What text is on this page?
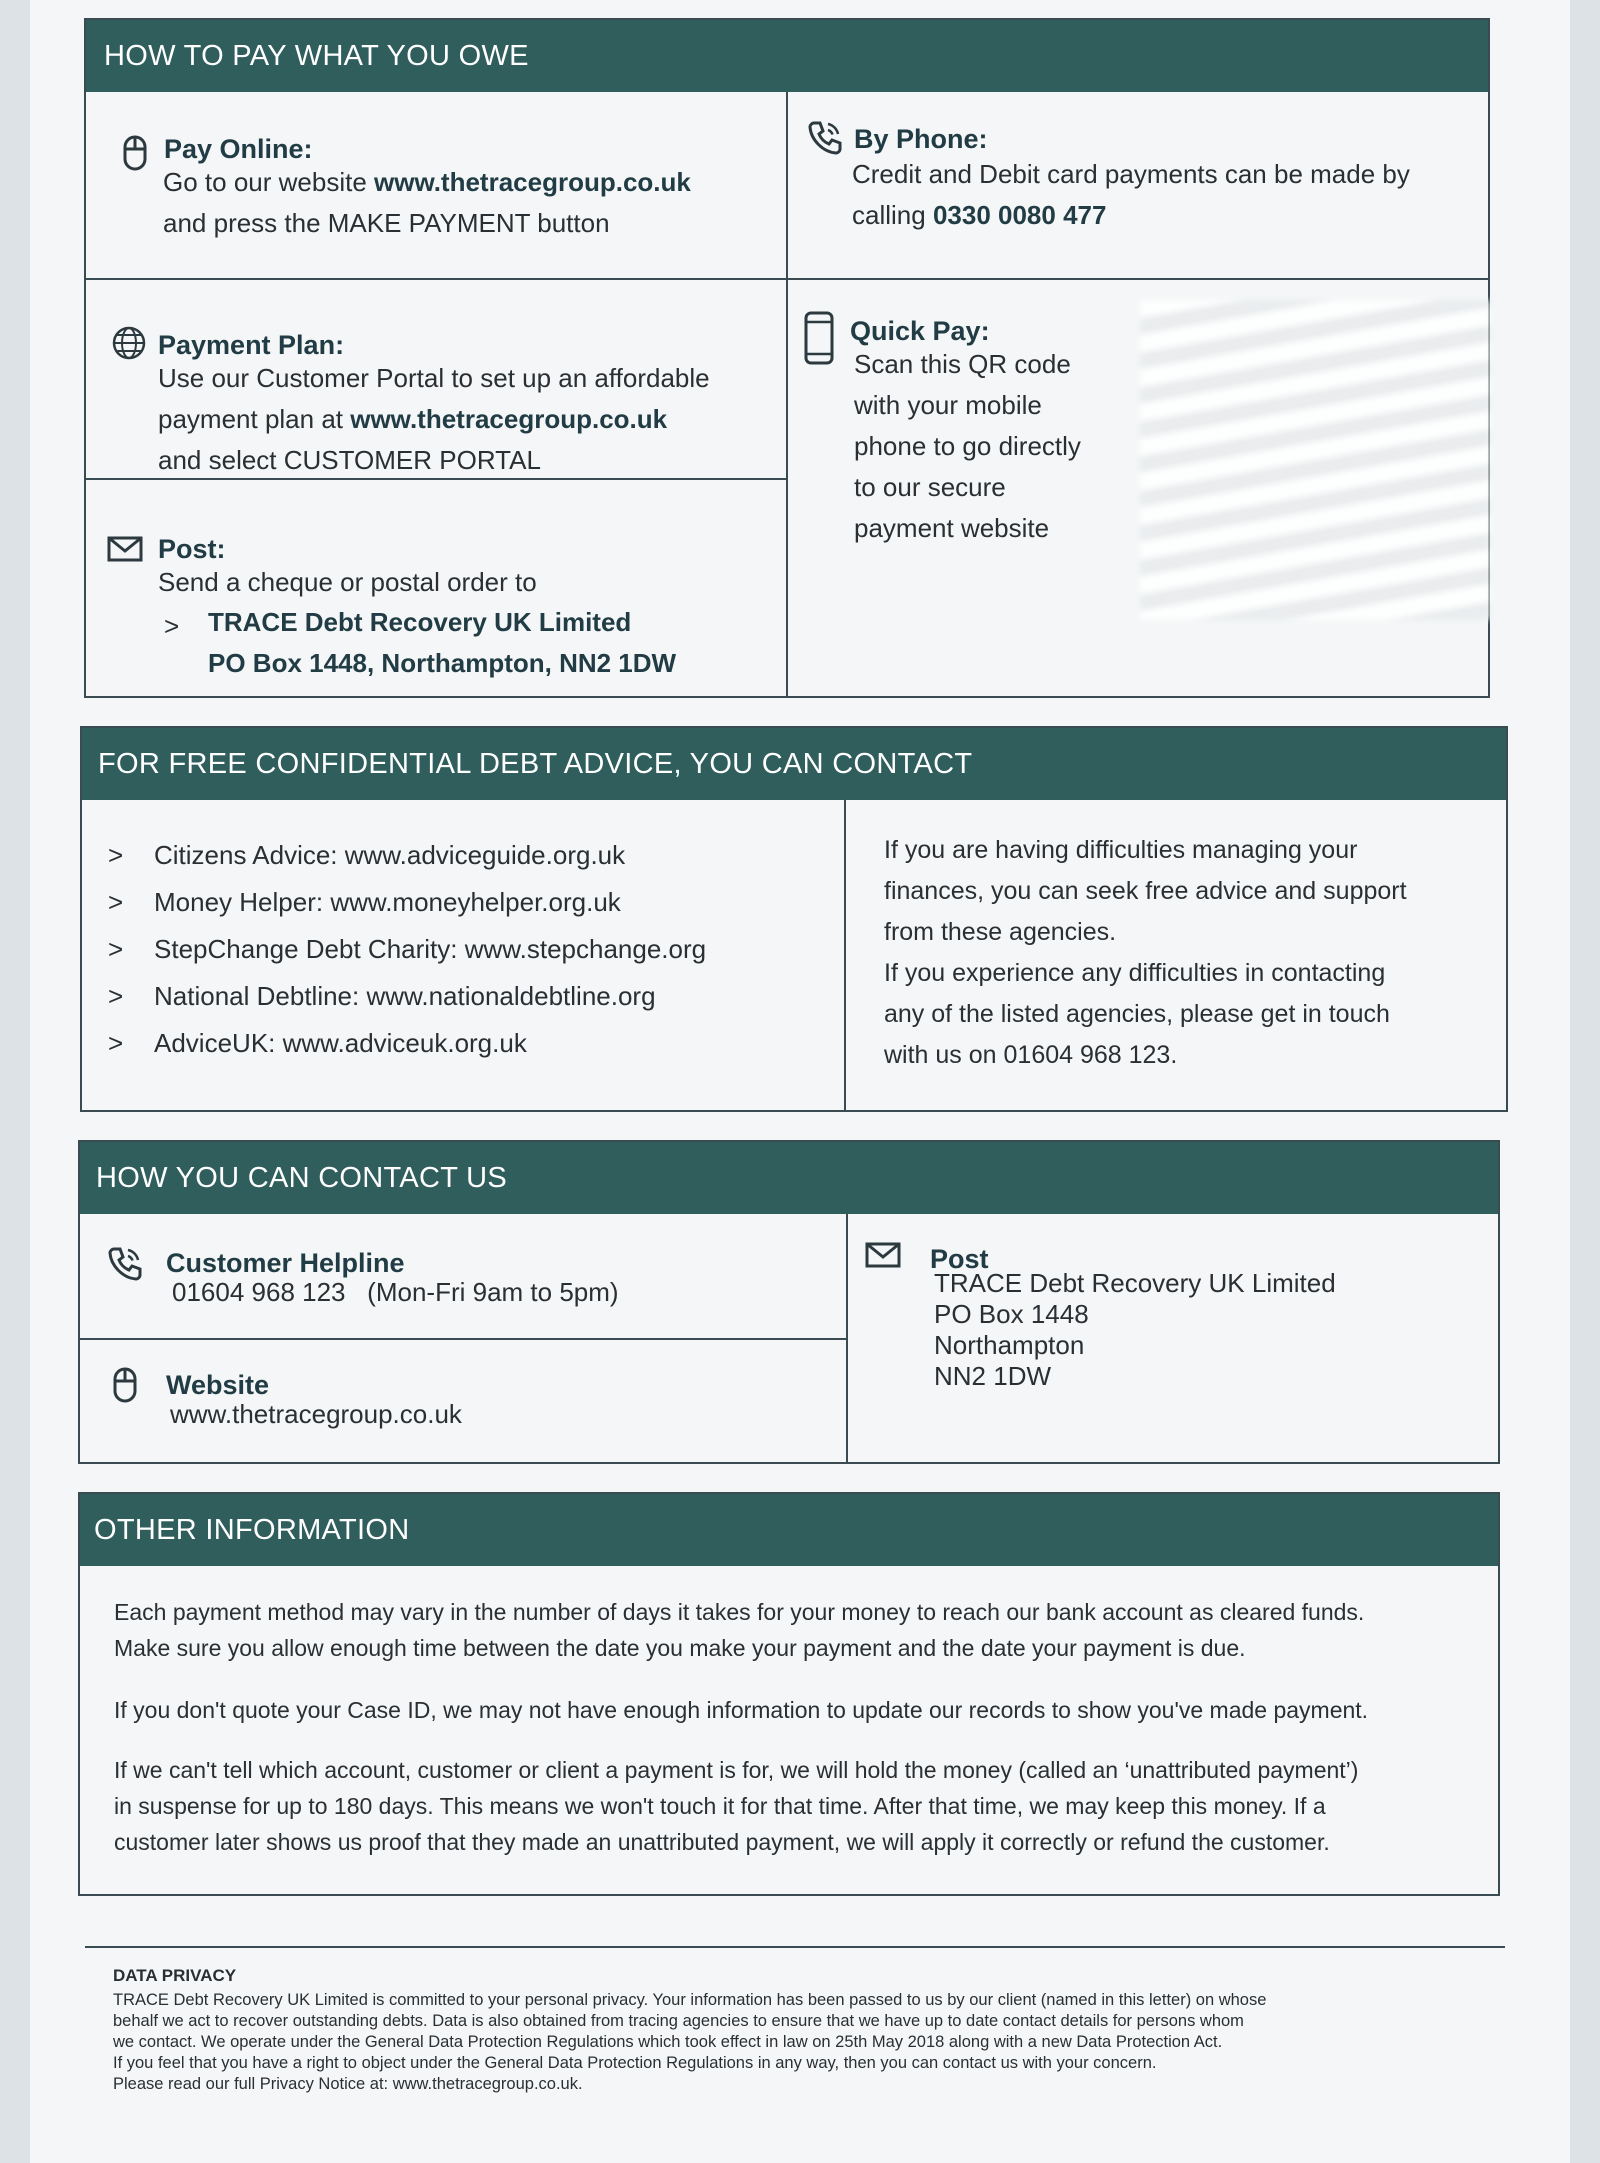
HOW TO PAY WHAT YOU OWE
Pay Online:
Go to our website www.thetracegroup.co.uk
and press the MAKE PAYMENT button
By Phone:
Credit and Debit card payments can be made by
calling 0330 0080 477
Payment Plan:
Use our Customer Portal to set up an affordable
payment plan at www.thetracegroup.co.uk
and select CUSTOMER PORTAL
Post:
Send a cheque or postal order to
> TRACE Debt Recovery UK Limited
PO Box 1448, Northampton, NN2 1DW
Quick Pay:
Scan this QR code
with your mobile
phone to go directly
to our secure
payment website
FOR FREE CONFIDENTIAL DEBT ADVICE, YOU CAN CONTACT
> Citizens Advice: www.adviceguide.org.uk
> Money Helper: www.moneyhelper.org.uk
> StepChange Debt Charity: www.stepchange.org
> National Debtline: www.nationaldebtline.org
> AdviceUK: www.adviceuk.org.uk
If you are having difficulties managing your
finances, you can seek free advice and support
from these agencies.
If you experience any difficulties in contacting
any of the listed agencies, please get in touch
with us on 01604 968 123.
HOW YOU CAN CONTACT US
Customer Helpline
01604 968 123   (Mon-Fri 9am to 5pm)
Website
www.thetracegroup.co.uk
Post
TRACE Debt Recovery UK Limited
PO Box 1448
Northampton
NN2 1DW
OTHER INFORMATION
Each payment method may vary in the number of days it takes for your money to reach our bank account as cleared funds.
Make sure you allow enough time between the date you make your payment and the date your payment is due.
If you don't quote your Case ID, we may not have enough information to update our records to show you've made payment.
If we can't tell which account, customer or client a payment is for, we will hold the money (called an ‘unattributed payment’)
in suspense for up to 180 days. This means we won't touch it for that time. After that time, we may keep this money. If a
customer later shows us proof that they made an unattributed payment, we will apply it correctly or refund the customer.
DATA PRIVACY
TRACE Debt Recovery UK Limited is committed to your personal privacy. Your information has been passed to us by our client (named in this letter) on whose
behalf we act to recover outstanding debts. Data is also obtained from tracing agencies to ensure that we have up to date contact details for persons whom
we contact. We operate under the General Data Protection Regulations which took effect in law on 25th May 2018 along with a new Data Protection Act.
If you feel that you have a right to object under the General Data Protection Regulations in any way, then you can contact us with your concern.
Please read our full Privacy Notice at: www.thetracegroup.co.uk.
